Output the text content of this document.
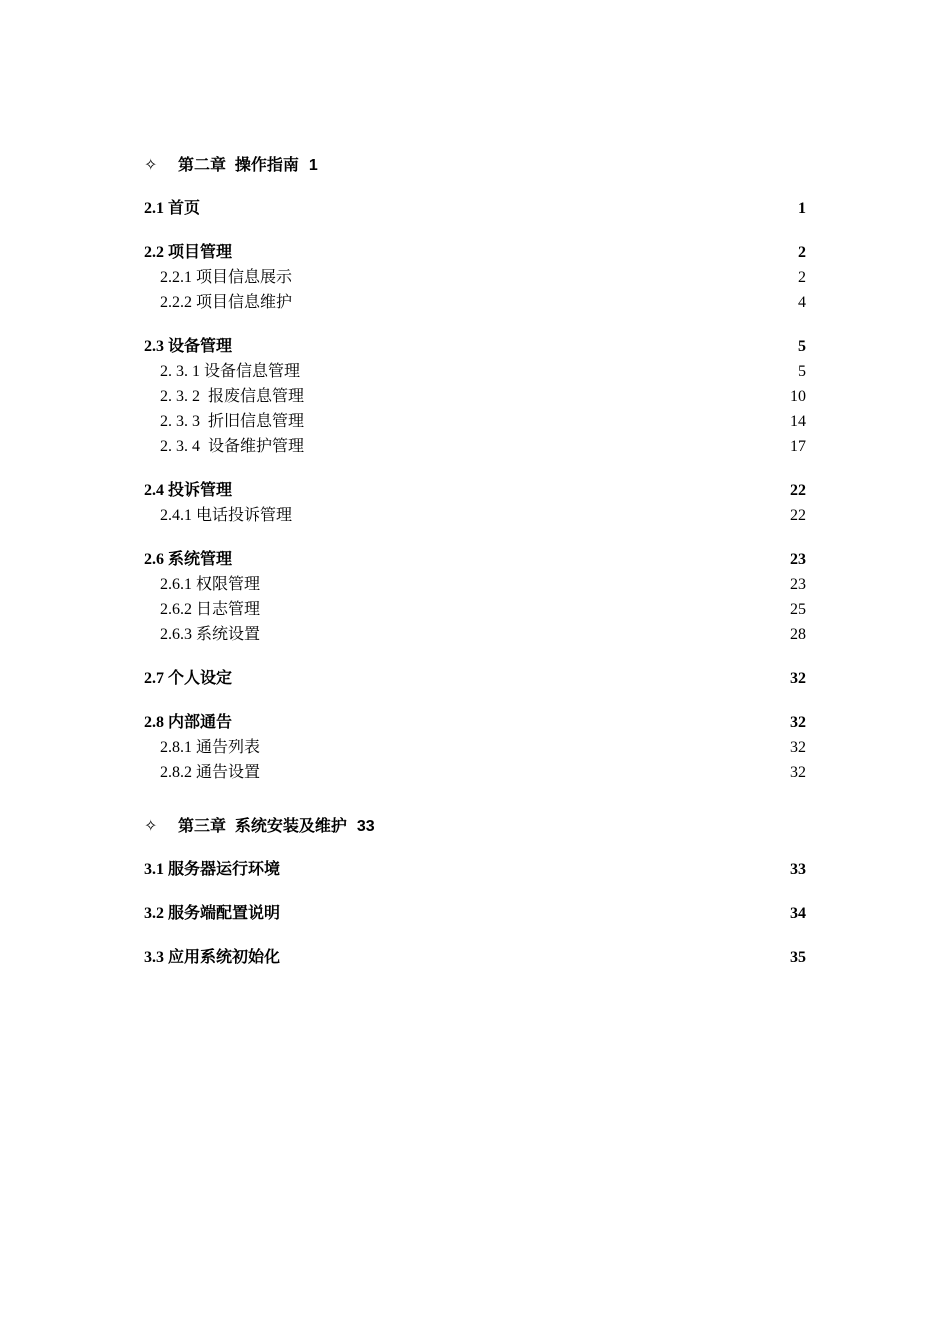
✧ 第二章  操作指南 1
2.1 首页	1
2.2 项目管理	2
2.2.1 项目信息展示	2
2.2.2 项目信息维护	4
2.3 设备管理	5
2. 3. 1 设备信息管理	5
2. 3. 2  报废信息管理	10
2. 3. 3  折旧信息管理	14
2. 3. 4  设备维护管理	17
2.4 投诉管理	22
2.4.1 电话投诉管理	22
2.6 系统管理	23
2.6.1 权限管理	23
2.6.2 日志管理	25
2.6.3 系统设置	28
2.7 个人设定	32
2.8 内部通告	32
2.8.1 通告列表	32
2.8.2 通告设置	32
✧ 第三章  系统安装及维护 33
3.1 服务器运行环境	33
3.2 服务端配置说明	34
3.3 应用系统初始化	35
